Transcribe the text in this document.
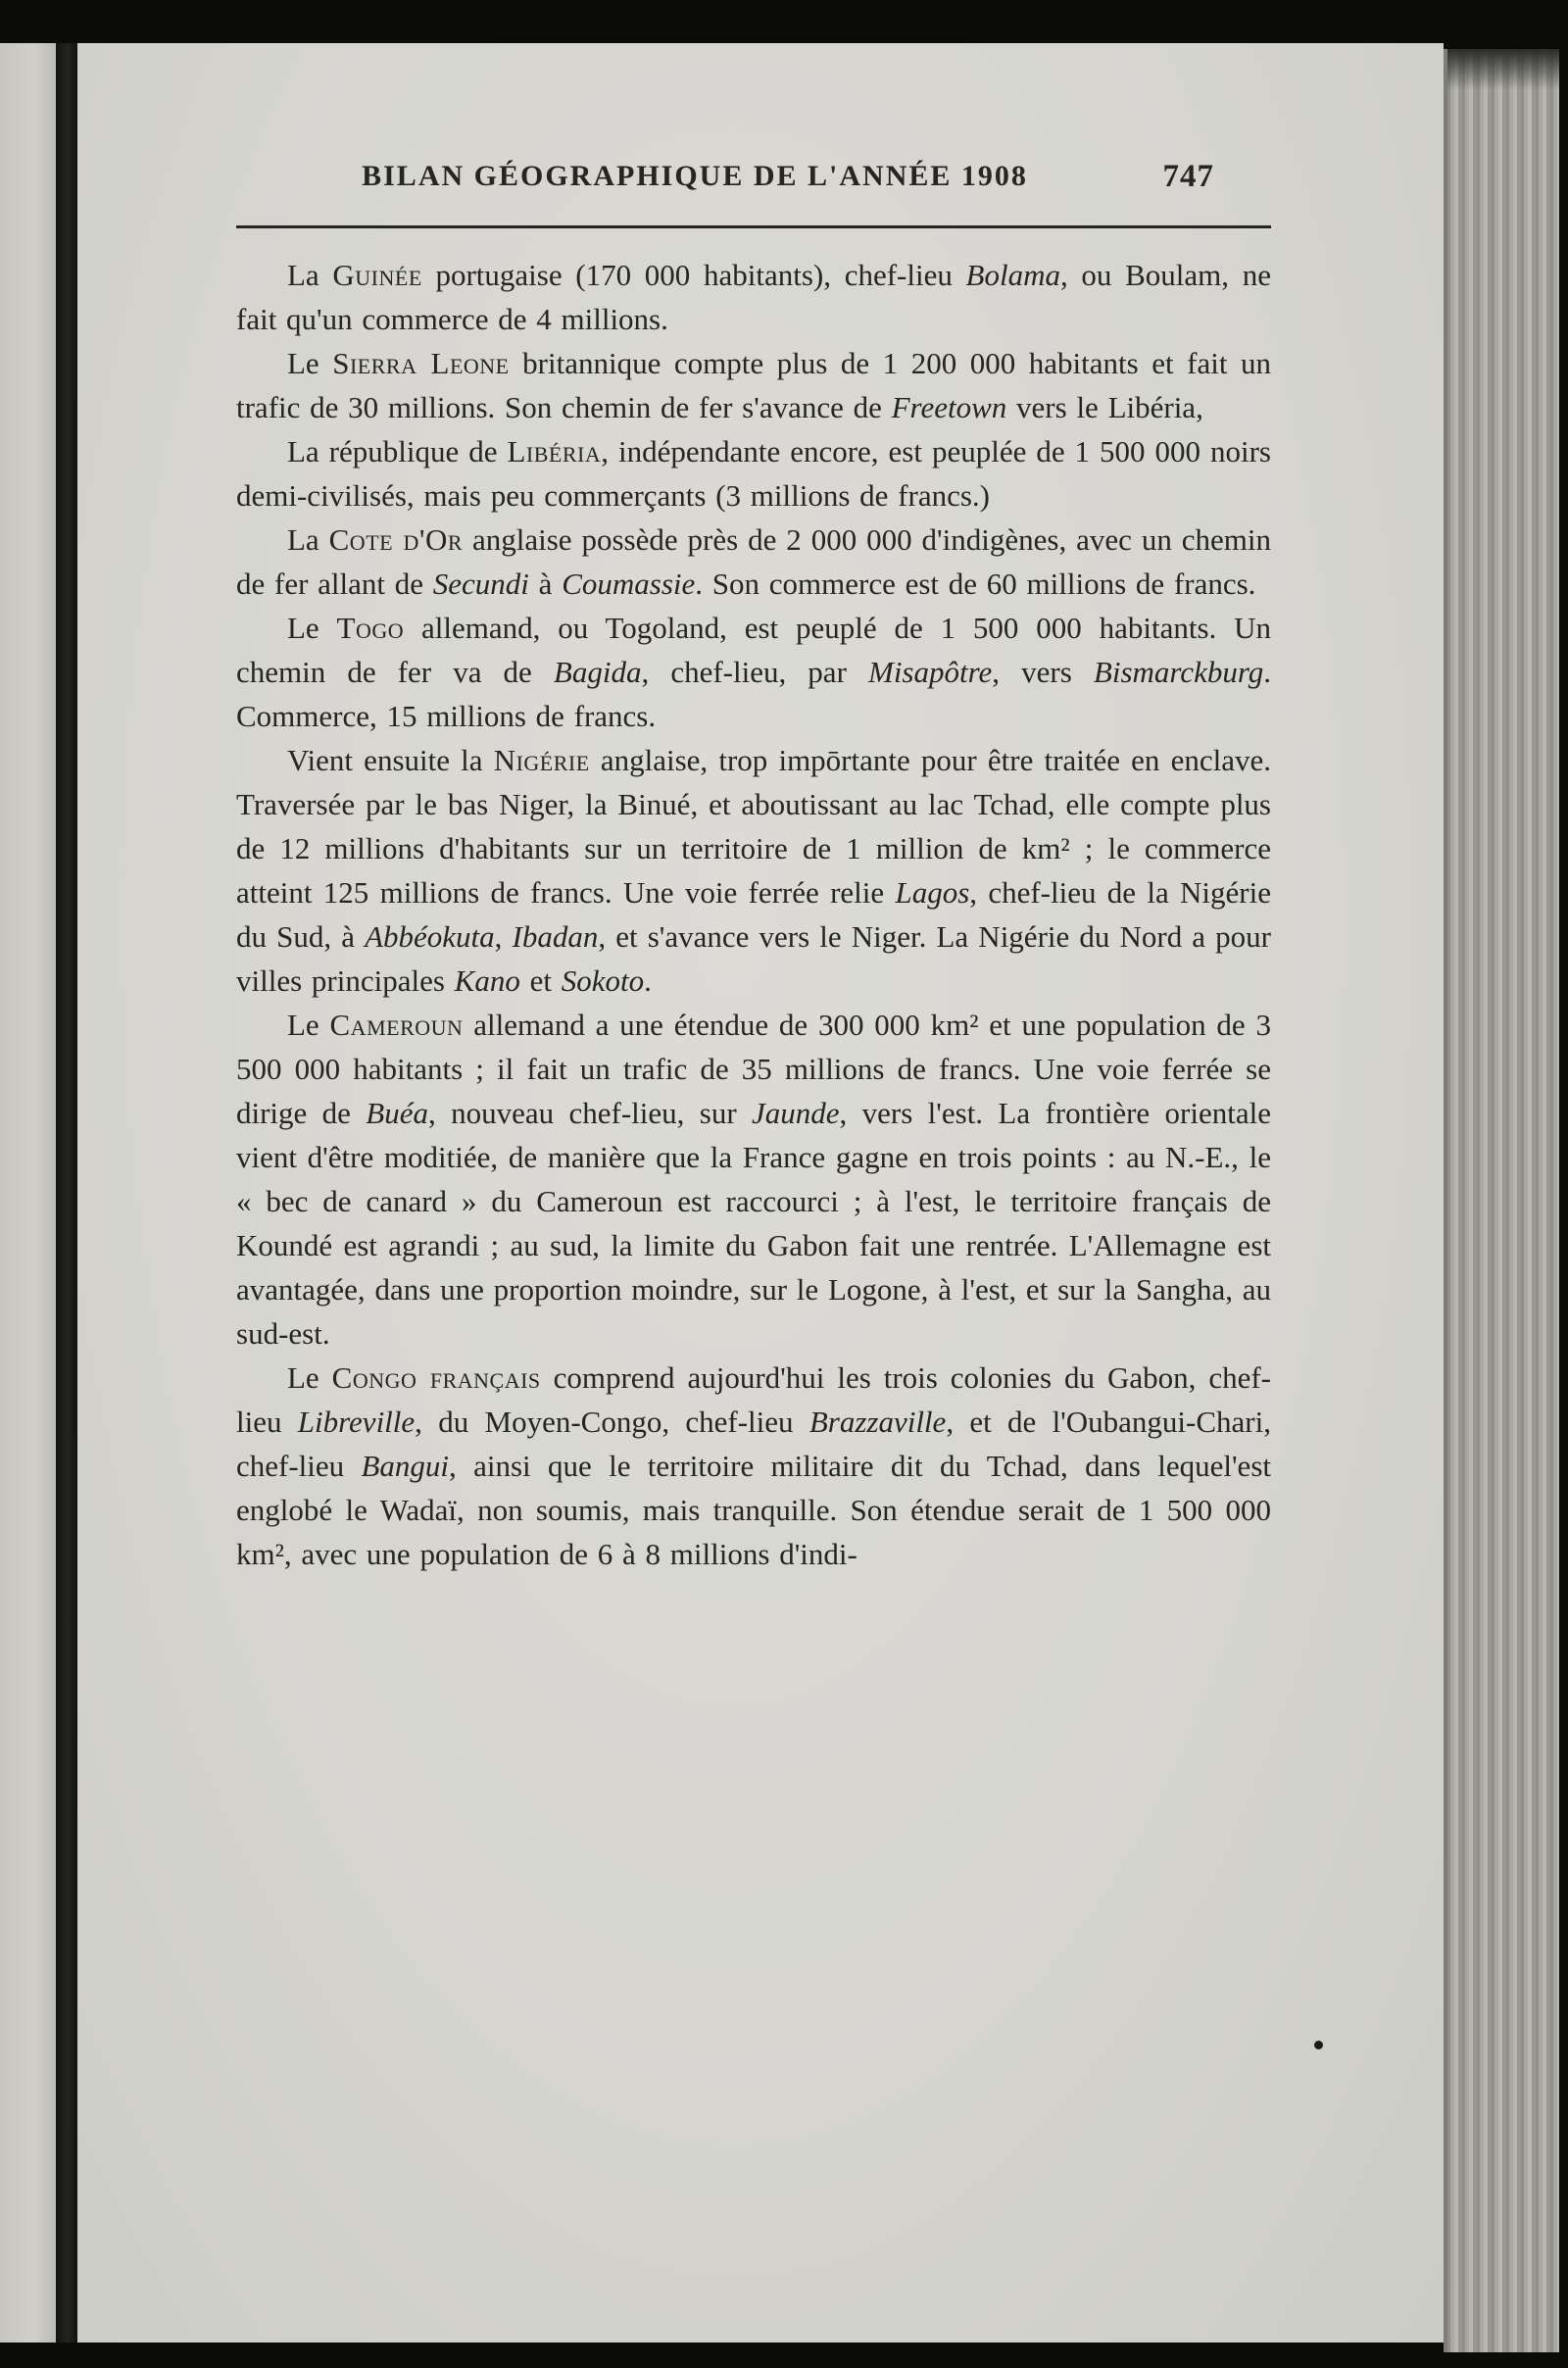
BILAN GÉOGRAPHIQUE DE L'ANNÉE 1908	747

La Guinée portugaise (170 000 habitants), chef-lieu Bolama, ou Boulam, ne fait qu'un commerce de 4 millions.

Le Sierra Leone britannique compte plus de 1 200 000 habitants et fait un trafic de 30 millions. Son chemin de fer s'avance de Freetown vers le Libéria,

La république de Libéria, indépendante encore, est peuplée de 1 500 000 noirs demi-civilisés, mais peu commerçants (3 millions de francs.)

La Cote d'Or anglaise possède près de 2 000 000 d'indigènes, avec un chemin de fer allant de Secundi à Coumassie. Son commerce est de 60 millions de francs.

Le Togo allemand, ou Togoland, est peuplé de 1 500 000 habitants. Un chemin de fer va de Bagida, chef-lieu, par Misapôtre, vers Bismarckburg. Commerce, 15 millions de francs.

Vient ensuite la Nigérie anglaise, trop impōrtante pour être traitée en enclave. Traversée par le bas Niger, la Binué, et aboutissant au lac Tchad, elle compte plus de 12 millions d'habitants sur un territoire de 1 million de km² ; le commerce atteint 125 millions de francs. Une voie ferrée relie Lagos, chef-lieu de la Nigérie du Sud, à Abbéokuta, Ibadan, et s'avance vers le Niger. La Nigérie du Nord a pour villes principales Kano et Sokoto.

Le Cameroun allemand a une étendue de 300 000 km² et une population de 3 500 000 habitants ; il fait un trafic de 35 millions de francs. Une voie ferrée se dirige de Buéa, nouveau chef-lieu, sur Jaunde, vers l'est. La frontière orientale vient d'être moditiée, de manière que la France gagne en trois points : au N.-E., le « bec de canard » du Cameroun est raccourci ; à l'est, le territoire français de Koundé est agrandi ; au sud, la limite du Gabon fait une rentrée. L'Allemagne est avantagée, dans une proportion moindre, sur le Logone, à l'est, et sur la Sangha, au sud-est.

Le Congo français comprend aujourd'hui les trois colonies du Gabon, chef-lieu Libreville, du Moyen-Congo, chef-lieu Brazzaville, et de l'Oubangui-Chari, chef-lieu Bangui, ainsi que le territoire militaire dit du Tchad, dans lequel'est englobé le Wadaï, non soumis, mais tranquille. Son étendue serait de 1 500 000 km², avec une population de 6 à 8 millions d'indi-
